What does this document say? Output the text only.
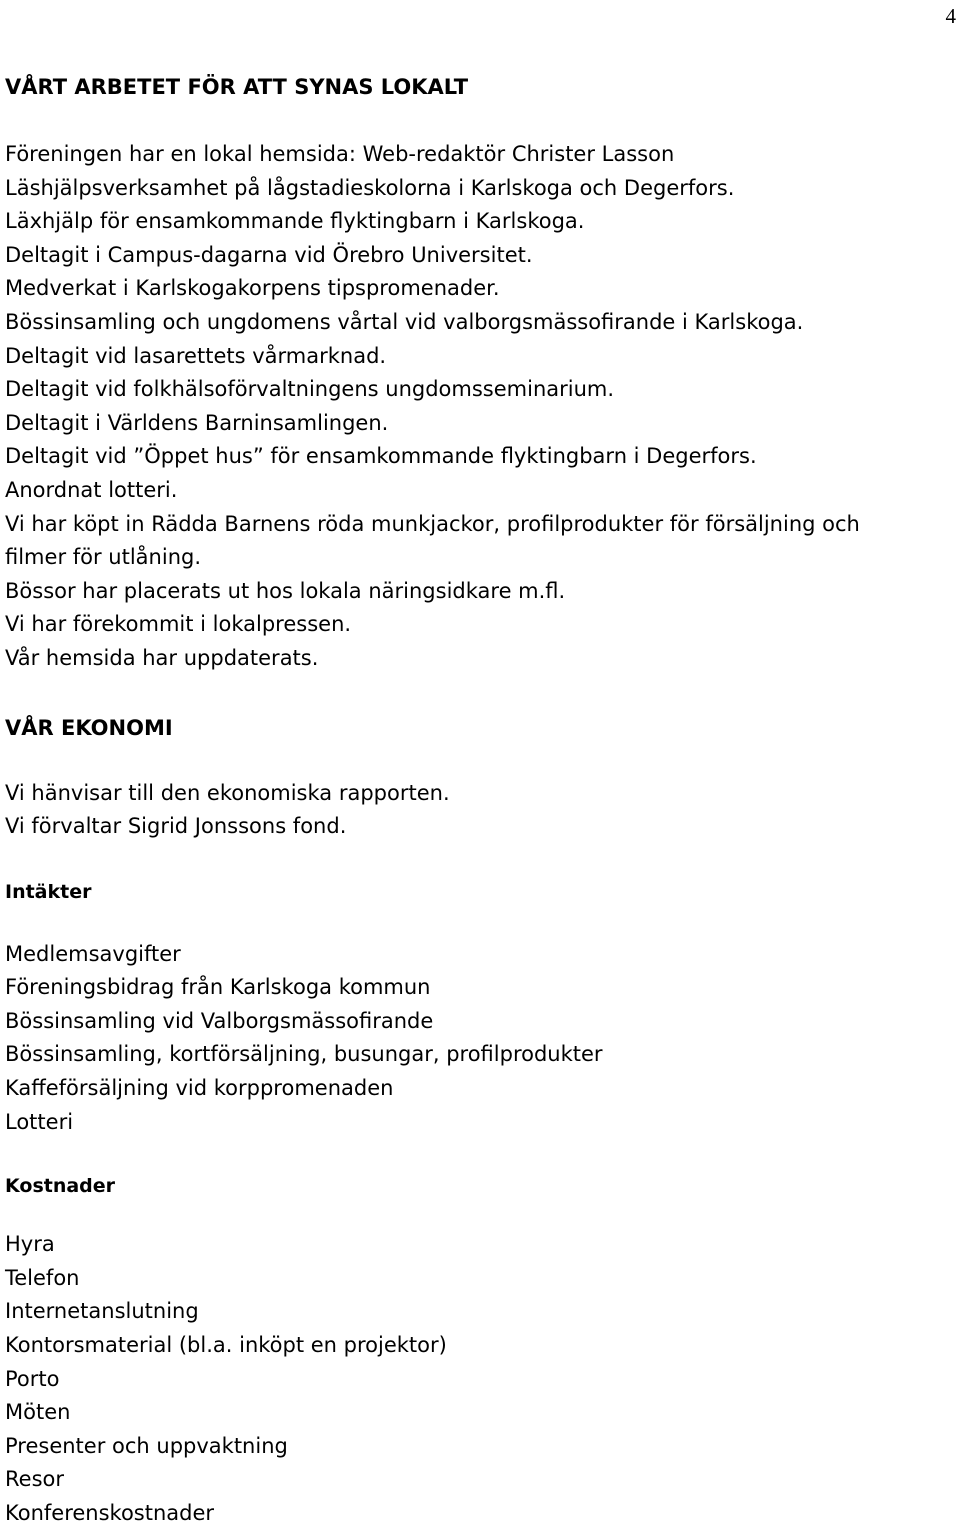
4
VÅRT ARBETET FÖR ATT SYNAS LOKALT

Föreningen har en lokal hemsida: Web-redaktör Christer Lasson

Läshjälpsverksamhet på lågstadieskolorna i Karlskoga och Degerfors.

Läxhjälp för ensamkommande flyktingbarn i Karlskoga.

Deltagit i Campus-dagarna vid Örebro Universitet.

Medverkat i Karlskogakorpens tipspromenader.

Bössinsamling och ungdomens vårtal vid valborgsmässofirande i Karlskoga.

Deltagit vid lasarettets vårmarknad.

Deltagit vid folkhälsoförvaltningens ungdomsseminarium.

Deltagit i Världens Barninsamlingen.

Deltagit vid ”Öppet hus” för ensamkommande flyktingbarn i Degerfors.

Anordnat lotteri.

Vi har köpt in Rädda Barnens röda munkjackor, profilprodukter för försäljning och

filmer för utlåning.

Bössor har placerats ut hos lokala näringsidkare m.fl.

Vi har förekommit i lokalpressen.

Vår hemsida har uppdaterats.

VÅR EKONOMI

Vi hänvisar till den ekonomiska rapporten.

Vi förvaltar Sigrid Jonssons fond.

Intäkter

Medlemsavgifter

Föreningsbidrag från Karlskoga kommun

Bössinsamling vid Valborgsmässofirande

Bössinsamling, kortförsäljning, busungar, profilprodukter

Kaffeförsäljning vid korppromenaden

Lotteri

Kostnader

Hyra

Telefon

Internetanslutning

Kontorsmaterial (bl.a. inköpt en projektor)

Porto

Möten

Presenter och uppvaktning

Resor

Konferenskostnader
